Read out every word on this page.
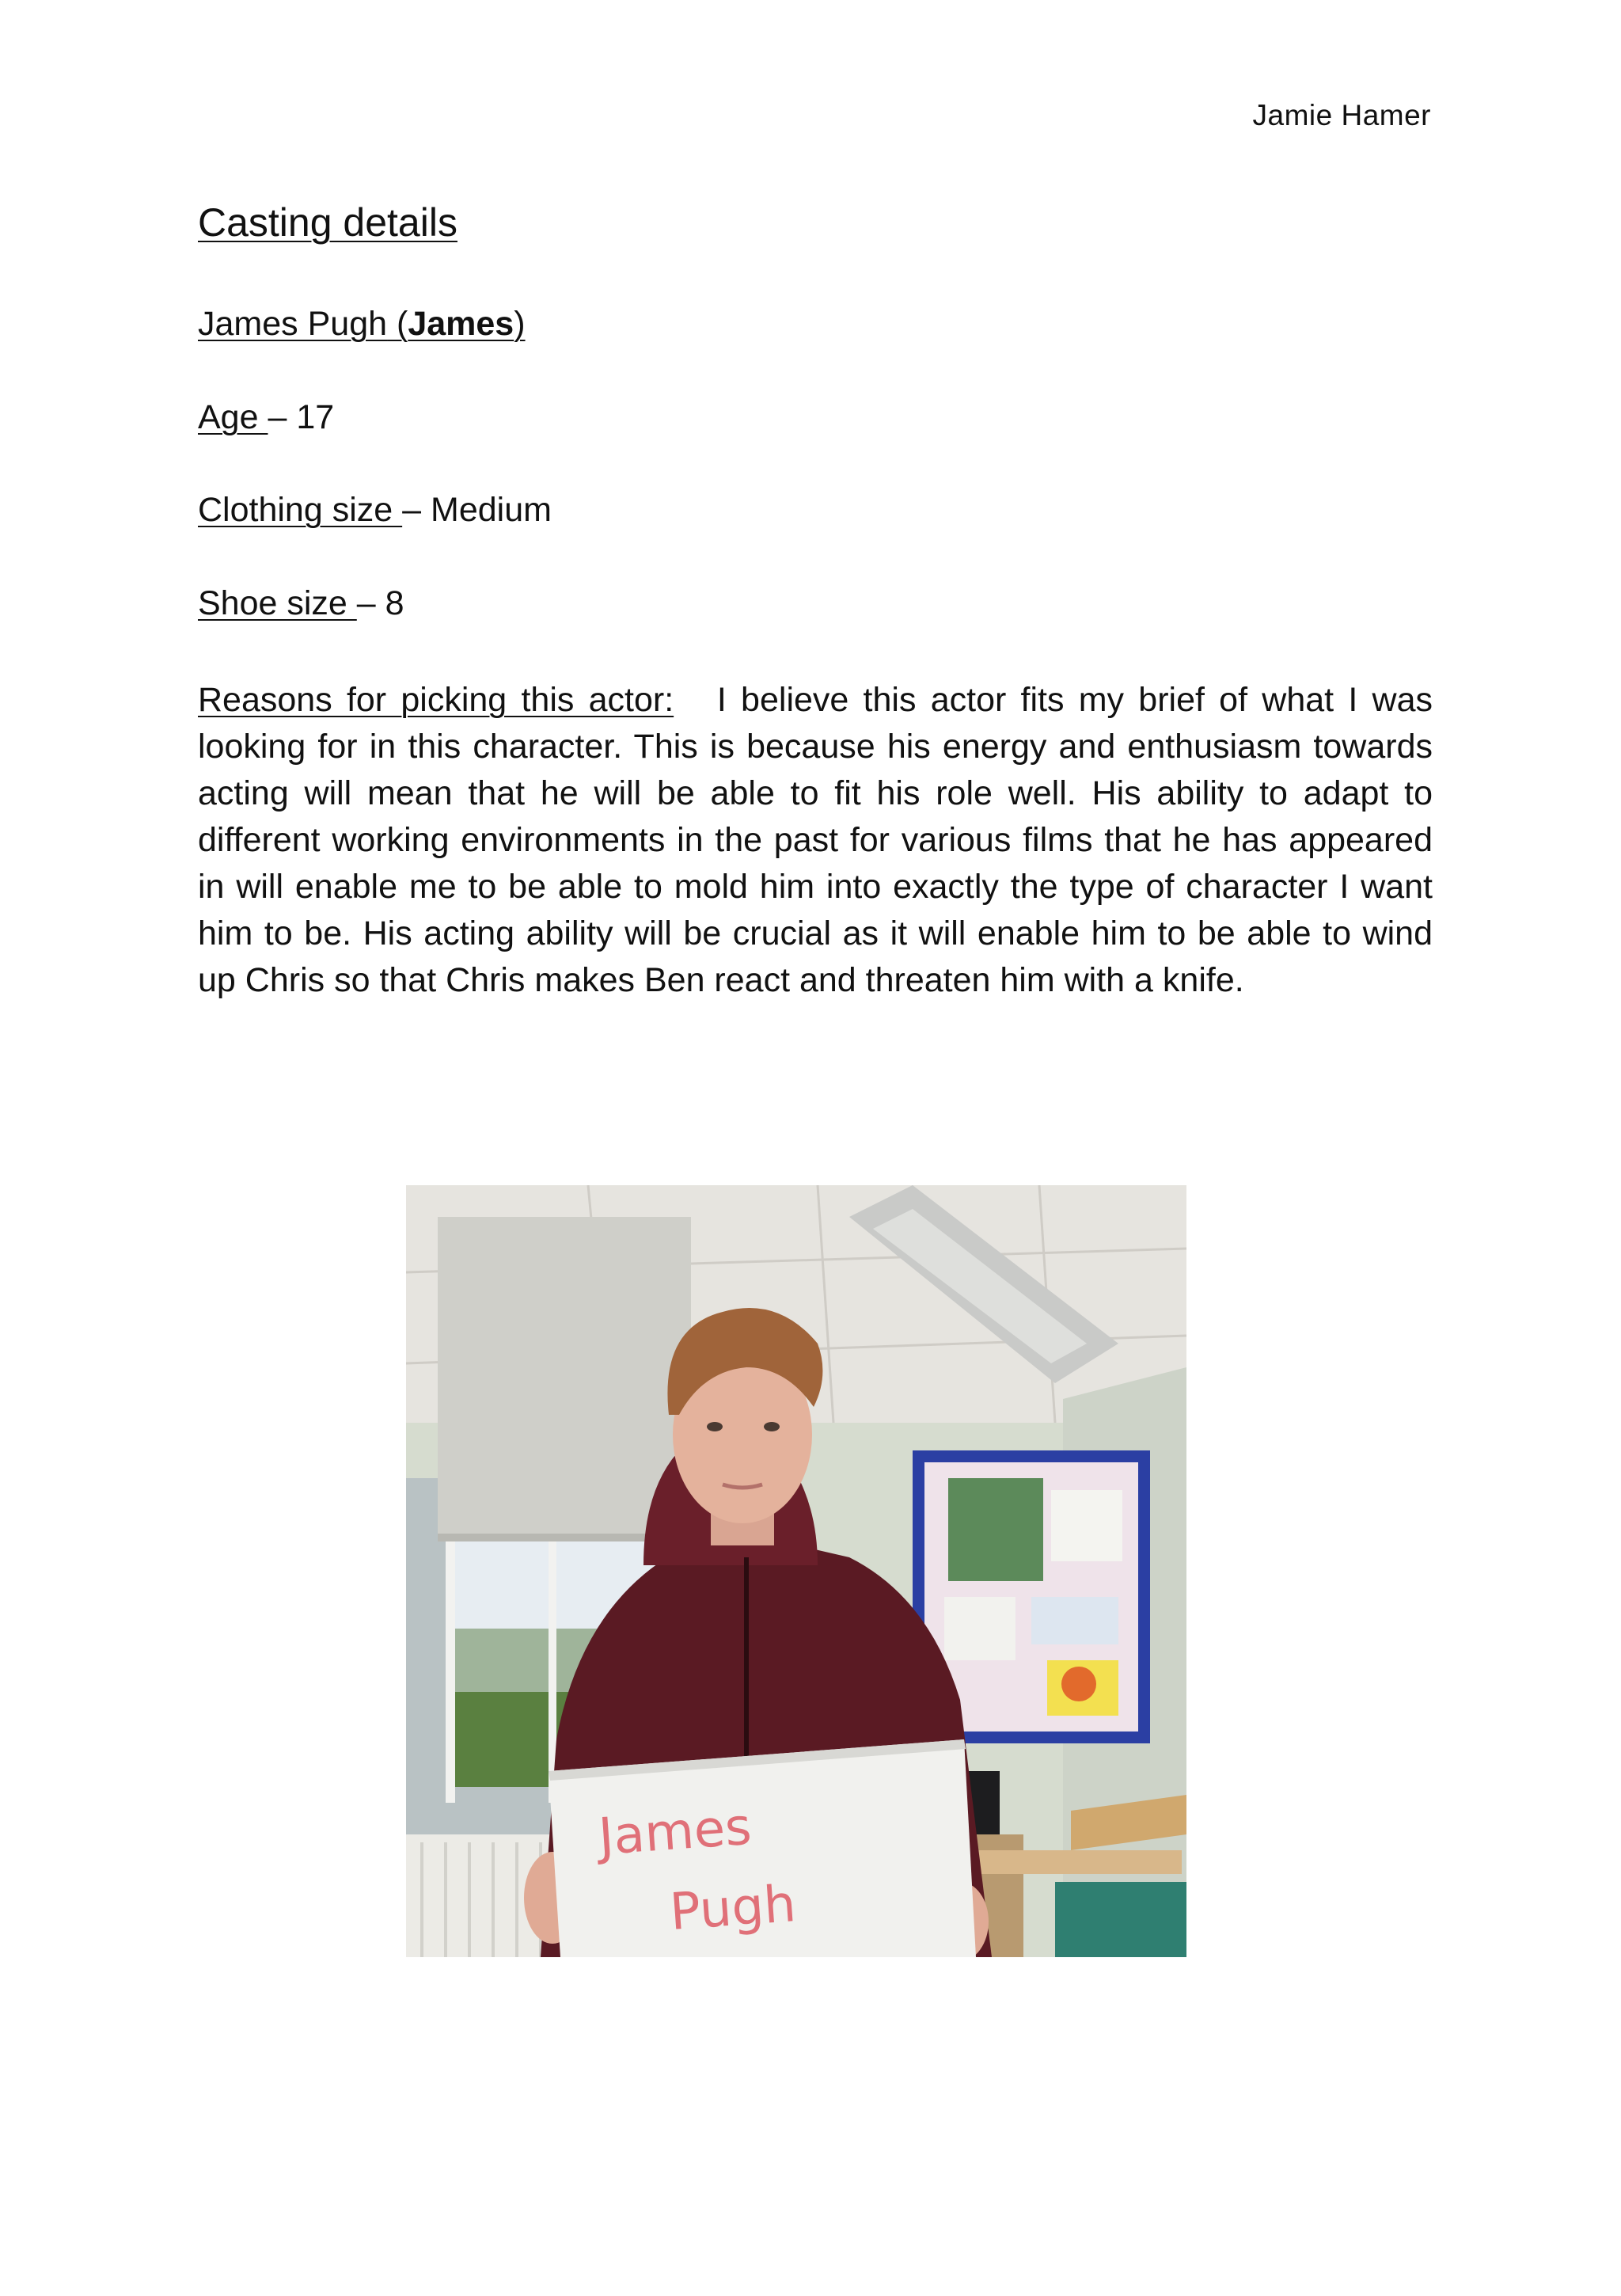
Jamie Hamer
Casting details
James Pugh (James)
Age – 17
Clothing size – Medium
Shoe size – 8
Reasons for picking this actor: I believe this actor fits my brief of what I was looking for in this character. This is because his energy and enthusiasm towards acting will mean that he will be able to fit his role well. His ability to adapt to different working environments in the past for various films that he has appeared in will enable me to be able to mold him into exactly the type of character I want him to be. His acting ability will be crucial as it will enable him to be able to wind up Chris so that Chris makes Ben react and threaten him with a knife.
James
Pugh
